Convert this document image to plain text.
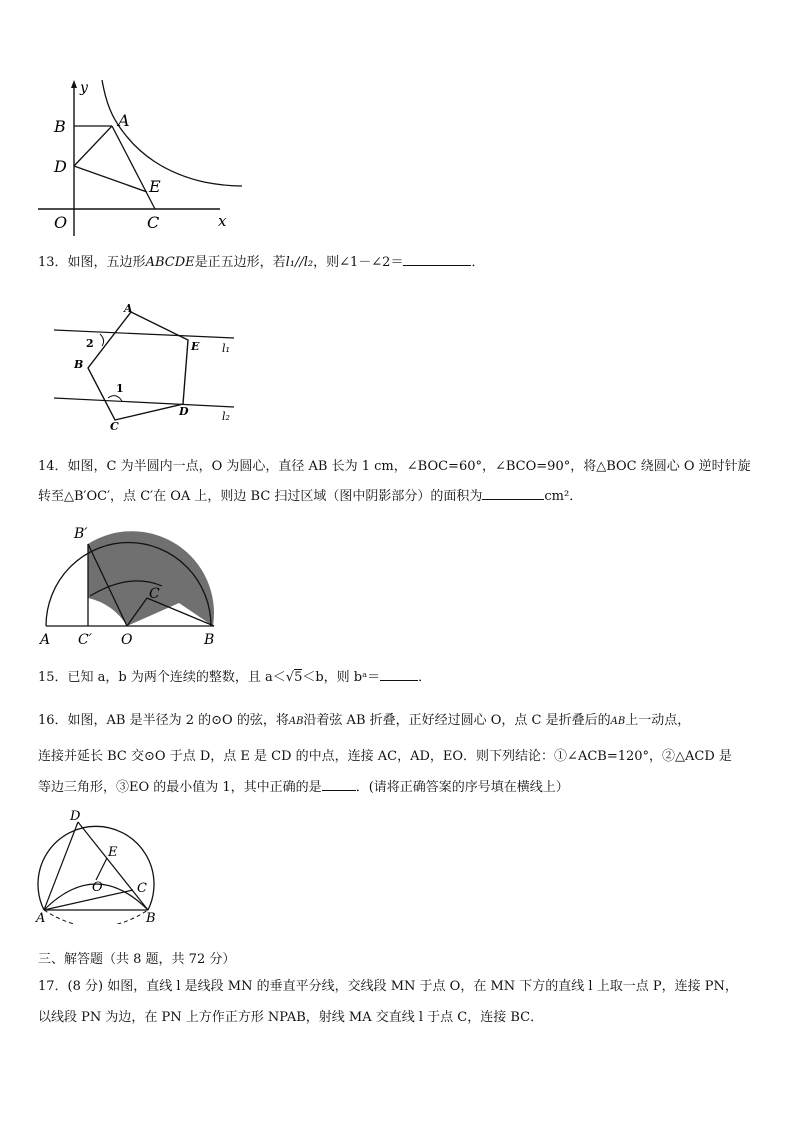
y
B	A
D
E
O	C	x
13．如图，五边形ABCDE是正五边形，若l₁//l₂，则∠1－∠2＝	．
A
2	E l₁
B
1
D	l₂
C
14．如图，C 为半圆内一点，O 为圆心，直径 AB 长为 1 cm，∠BOC=60°，∠BCO=90°，将△BOC 绕圆心 O 逆时针旋
转至△B′OC′，点 C′在 OA 上，则边 BC 扫过区域（图中阴影部分）的面积为	cm²．
B′
C
A C′ O	B
15．已知 a，b 为两个连续的整数，且 a＜√5＜b，则 bᵃ＝	．
16．如图，AB 是半径为 2 的⊙O 的弦，将AB沿着弦 AB 折叠，正好经过圆心 O，点 C 是折叠后的AB上一动点，
连接并延长 BC 交⊙O 于点 D，点 E 是 CD 的中点，连接 AC，AD，EO．则下列结论：①∠ACB=120°，②△ACD 是
等边三角形，③EO 的最小值为 1，其中正确的是	．(请将正确答案的序号填在横线上）
D
E
O	C
A	B
三、解答题（共 8 题，共 72 分）
17．(8 分) 如图，直线 l 是线段 MN 的垂直平分线，交线段 MN 于点 O，在 MN 下方的直线 l 上取一点 P，连接 PN，
以线段 PN 为边，在 PN 上方作正方形 NPAB，射线 MA 交直线 l 于点 C，连接 BC．
